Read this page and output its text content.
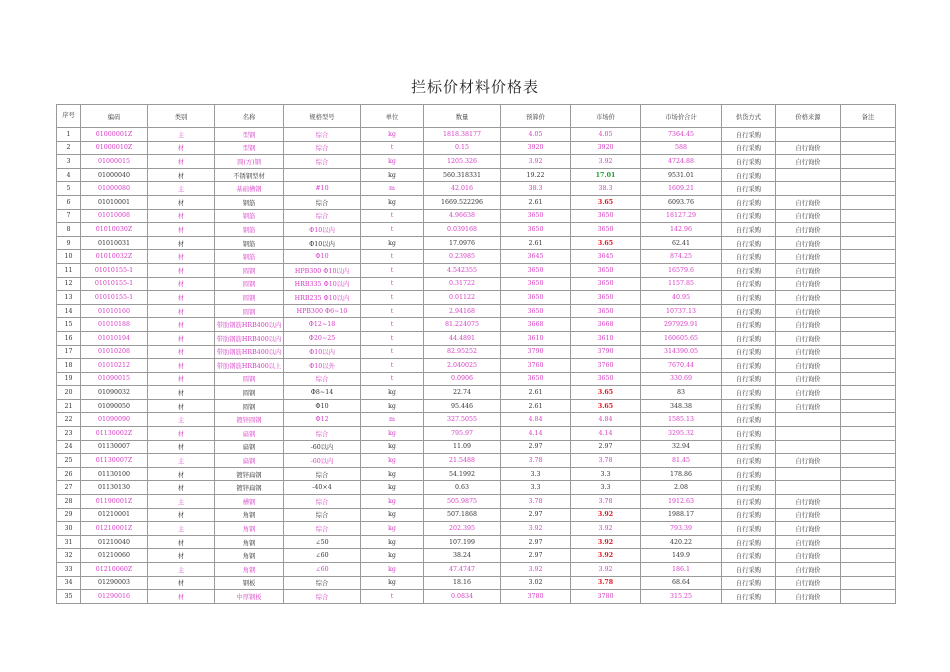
拦标价材料价格表
序号	编码	类别	名称	规格型号	单位	数量	预算价	市场价	市场价合计	供货方式	价格来源	备注
1	01000001Z	主	型钢	综合	kg	1818.38177	4.05	4.05	7364.45	自行采购		
2	01000010Z	材	型钢	综合	t	0.15	3920	3920	588	自行采购	自行询价	
3	01000015	材	圆(方)钢	综合	kg	1205.326	3.92	3.92	4724.88	自行采购	自行询价	
4	01000040	材	不锈钢型材		kg	560.318331	19.22	17.01	9531.01	自行采购		
5	01000080	主	基础槽钢	#10	m	42.016	38.3	38.3	1609.21	自行采购		
6	01010001	材	钢筋	综合	kg	1669.522296	2.61	3.65	6093.76	自行采购	自行询价	
7	01010008	材	钢筋	综合	t	4.96638	3650	3650	18127.29	自行采购	自行询价	
8	01010030Z	材	钢筋	Φ10以内	t	0.039168	3650	3650	142.96	自行采购	自行询价	
9	01010031	材	钢筋	Φ10以内	kg	17.0976	2.61	3.65	62.41	自行采购	自行询价	
10	01010032Z	材	钢筋	Φ10	t	0.23985	3645	3645	874.25	自行采购	自行询价	
11	01010155-1	材	圆钢	HPB300 Φ10以内	t	4.542355	3650	3650	16579.6	自行采购	自行询价	
12	01010155-1	材	圆钢	HRB335 Φ10以内	t	0.31722	3650	3650	1157.85	自行采购	自行询价	
13	01010155-1	材	圆钢	HRB235 Φ10以内	t	0.01122	3650	3650	40.95	自行采购	自行询价	
14	01010160	材	圆钢	HPB300 Φ6~10	t	2.94168	3650	3650	10737.13	自行采购	自行询价	
15	01010188	材	带肋钢筋HRB400以内	Φ12~18	t	81.224075	3668	3668	297929.91	自行采购	自行询价	
16	01010194	材	带肋钢筋HRB400以内	Φ20~25	t	44.4891	3610	3610	160605.65	自行采购	自行询价	
17	01010208	材	带肋钢筋HRB400以内	Φ10以内	t	82.95252	3790	3790	314390.05	自行采购	自行询价	
18	01010212	材	带肋钢筋HRB400以上	Φ10以外	t	2.040025	3760	3760	7670.44	自行采购	自行询价	
19	01090015	材	圆钢	综合	t	0.0906	3650	3650	330.69	自行采购	自行询价	
20	01090032	材	圆钢	Φ8~14	kg	22.74	2.61	3.65	83	自行采购	自行询价	
21	01090050	材	圆钢	Φ10	kg	95.446	2.61	3.65	348.38	自行采购	自行询价	
22	01090090	主	镀锌圆钢	Φ12	m	327.5055	4.84	4.84	1585.13	自行采购		
23	01130002Z	材	扁钢	综合	kg	795.97	4.14	4.14	3295.32	自行采购		
24	01130007	材	扁钢	-60以内	kg	11.09	2.97	2.97	32.94	自行采购		
25	01130007Z	主	扁钢	-60以内	kg	21.5488	3.78	3.78	81.45	自行采购	自行询价	
26	01130100	材	镀锌扁钢	综合	kg	54.1992	3.3	3.3	178.86	自行采购		
27	01130130	材	镀锌扁钢	-40×4	kg	0.63	3.3	3.3	2.08	自行采购		
28	01190001Z	主	槽钢	综合	kg	505.9875	3.78	3.78	1912.63	自行采购	自行询价	
29	01210001	材	角钢	综合	kg	507.1868	2.97	3.92	1988.17	自行采购	自行询价	
30	01210001Z	主	角钢	综合	kg	202.395	3.92	3.92	793.39	自行采购	自行询价	
31	01210040	材	角钢	∠50	kg	107.199	2.97	3.92	420.22	自行采购	自行询价	
32	01210060	材	角钢	∠60	kg	38.24	2.97	3.92	149.9	自行采购	自行询价	
33	01210060Z	主	角钢	∠60	kg	47.4747	3.92	3.92	186.1	自行采购	自行询价	
34	01290003	材	钢板	综合	kg	18.16	3.02	3.78	68.64	自行采购	自行询价	
35	01290016	材	中厚钢板	综合	t	0.0834	3780	3780	315.25	自行采购	自行询价	
